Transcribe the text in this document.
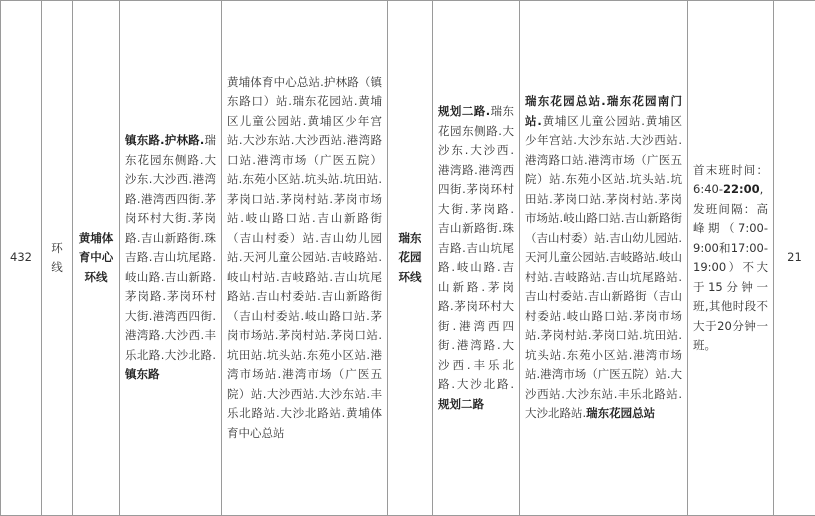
432	环线	黄埔体育中心环线	镇东路.护林路.瑞东花园东侧路.大沙东.大沙西.港湾路.港湾西四街.茅岗环村大街.茅岗路.吉山新路街.珠吉路.吉山坑尾路.岐山路.吉山新路.茅岗路.茅岗环村大街.港湾西四街.港湾路.大沙西.丰乐北路.大沙北路.镇东路	黄埔体育中心总站.护林路（镇东路口）站.瑞东花园站.黄埔区儿童公园站.黄埔区少年宫站.大沙东站.大沙西站.港湾路口站.港湾市场（广医五院）站.东苑小区站.坑头站.坑田站.茅岗口站.茅岗村站.茅岗市场站.岐山路口站.吉山新路街（吉山村委）站.吉山幼儿园站.天河儿童公园站.吉岐路站.岐山村站.吉岐路站.吉山坑尾路站.吉山村委站.吉山新路街（吉山村委站.岐山路口站.茅岗市场站.茅岗村站.茅岗口站.坑田站.坑头站.东苑小区站.港湾市场站.港湾市场（广医五院）站.大沙西站.大沙东站.丰乐北路站.大沙北路站.黄埔体育中心总站	瑞东花园环线	规划二路.瑞东花园东侧路.大沙东.大沙西.港湾路.港湾西四街.茅岗环村大街.茅岗路.吉山新路街.珠吉路.吉山坑尾路.岐山路.吉山新路.茅岗路.茅岗环村大街.港湾西四街.港湾路.大沙西.丰乐北路.大沙北路.规划二路	瑞东花园总站.瑞东花园南门站.黄埔区儿童公园站.黄埔区少年宫站.大沙东站.大沙西站.港湾路口站.港湾市场（广医五院）站.东苑小区站.坑头站.坑田站.茅岗口站.茅岗村站.茅岗市场站.岐山路口站.吉山新路街（吉山村委）站.吉山幼儿园站.天河儿童公园站.吉岐路站.岐山村站.吉岐路站.吉山坑尾路站.吉山村委站.吉山新路街（吉山村委站.岐山路口站.茅岗市场站.茅岗村站.茅岗口站.坑田站.坑头站.东苑小区站.港湾市场站.港湾市场（广医五院）站.大沙西站.大沙东站.丰乐北路站.大沙北路站.瑞东花园总站	首末班时间：6:40-22:00,发班间隔：高峰期（7:00-9:00和17:00-19:00）不大于15分钟一班,其他时段不大于20分钟一班。	21
